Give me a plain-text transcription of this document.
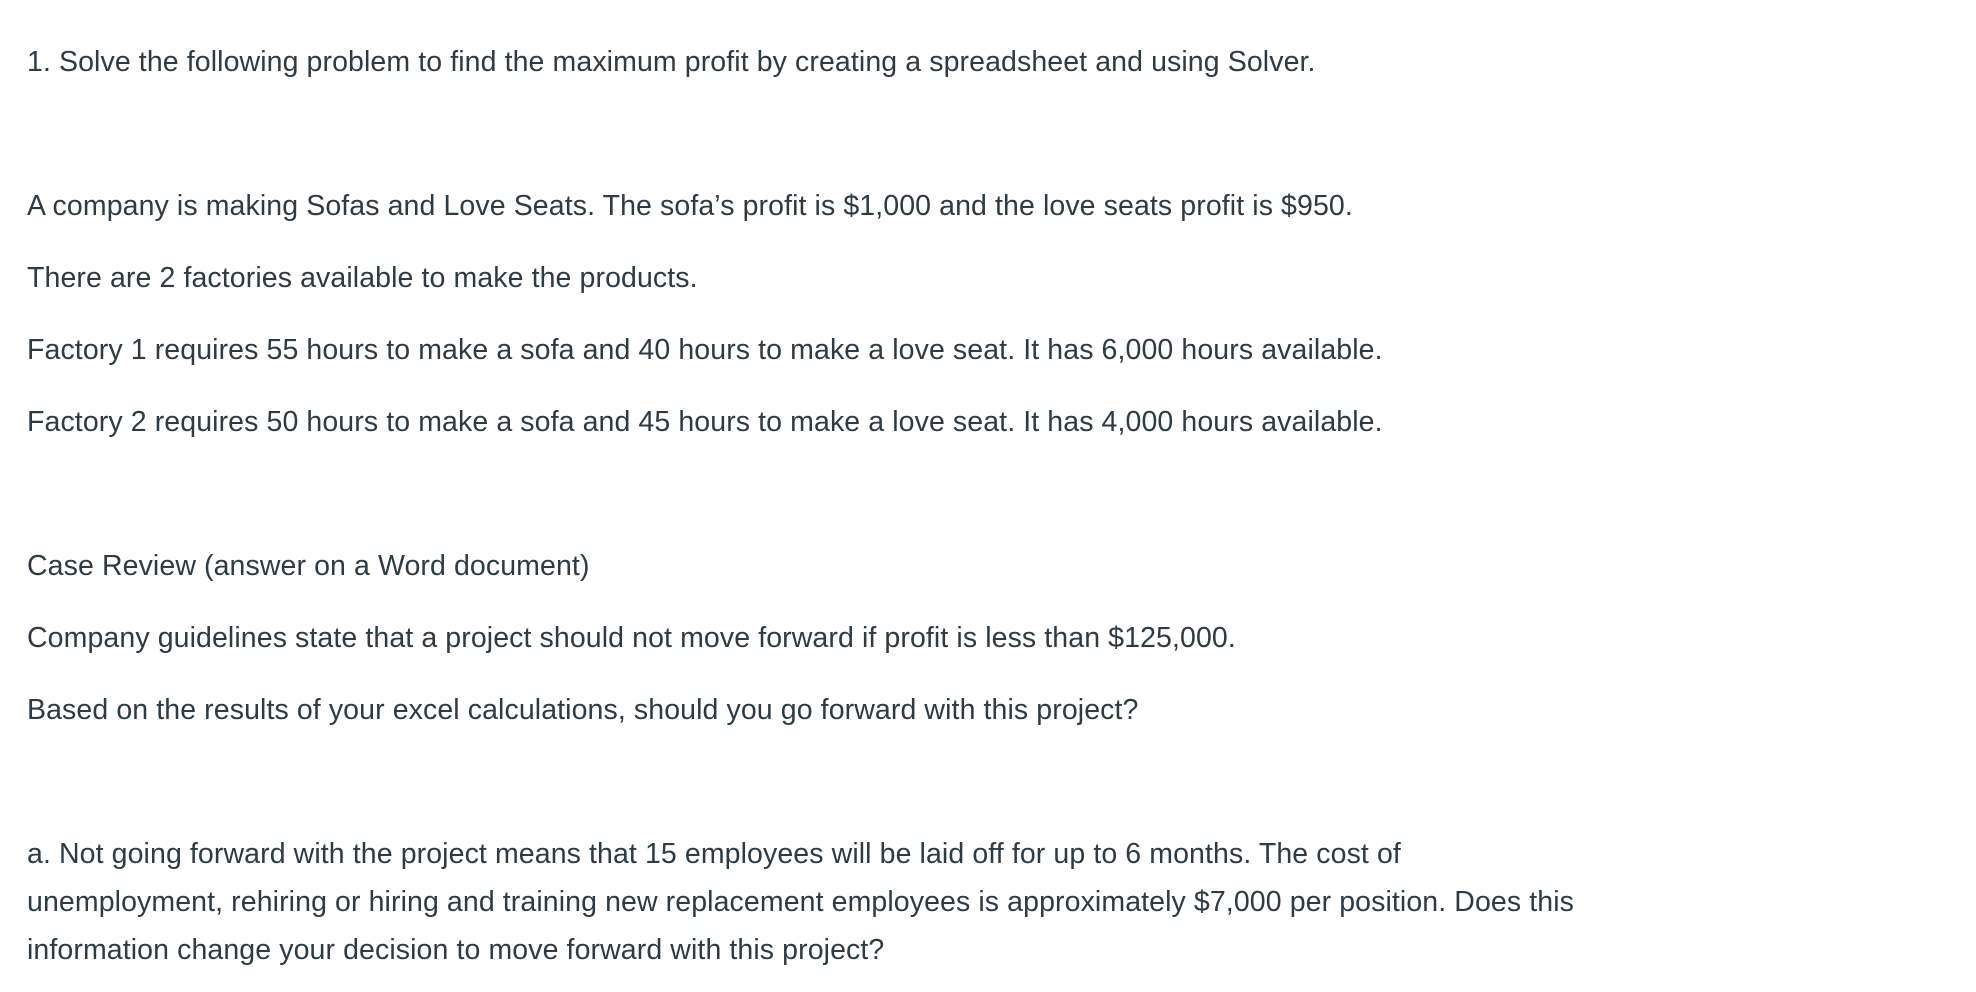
1. Solve the following problem to find the maximum profit by creating a spreadsheet and using Solver.

A company is making Sofas and Love Seats. The sofa’s profit is $1,000 and the love seats profit is $950.

There are 2 factories available to make the products.

Factory 1 requires 55 hours to make a sofa and 40 hours to make a love seat. It has 6,000 hours available.

Factory 2 requires 50 hours to make a sofa and 45 hours to make a love seat. It has 4,000 hours available.

Case Review (answer on a Word document)

Company guidelines state that a project should not move forward if profit is less than $125,000.

Based on the results of your excel calculations, should you go forward with this project?

a. Not going forward with the project means that 15 employees will be laid off for up to 6 months. The cost of

unemployment, rehiring or hiring and training new replacement employees is approximately $7,000 per position. Does this

information change your decision to move forward with this project?
